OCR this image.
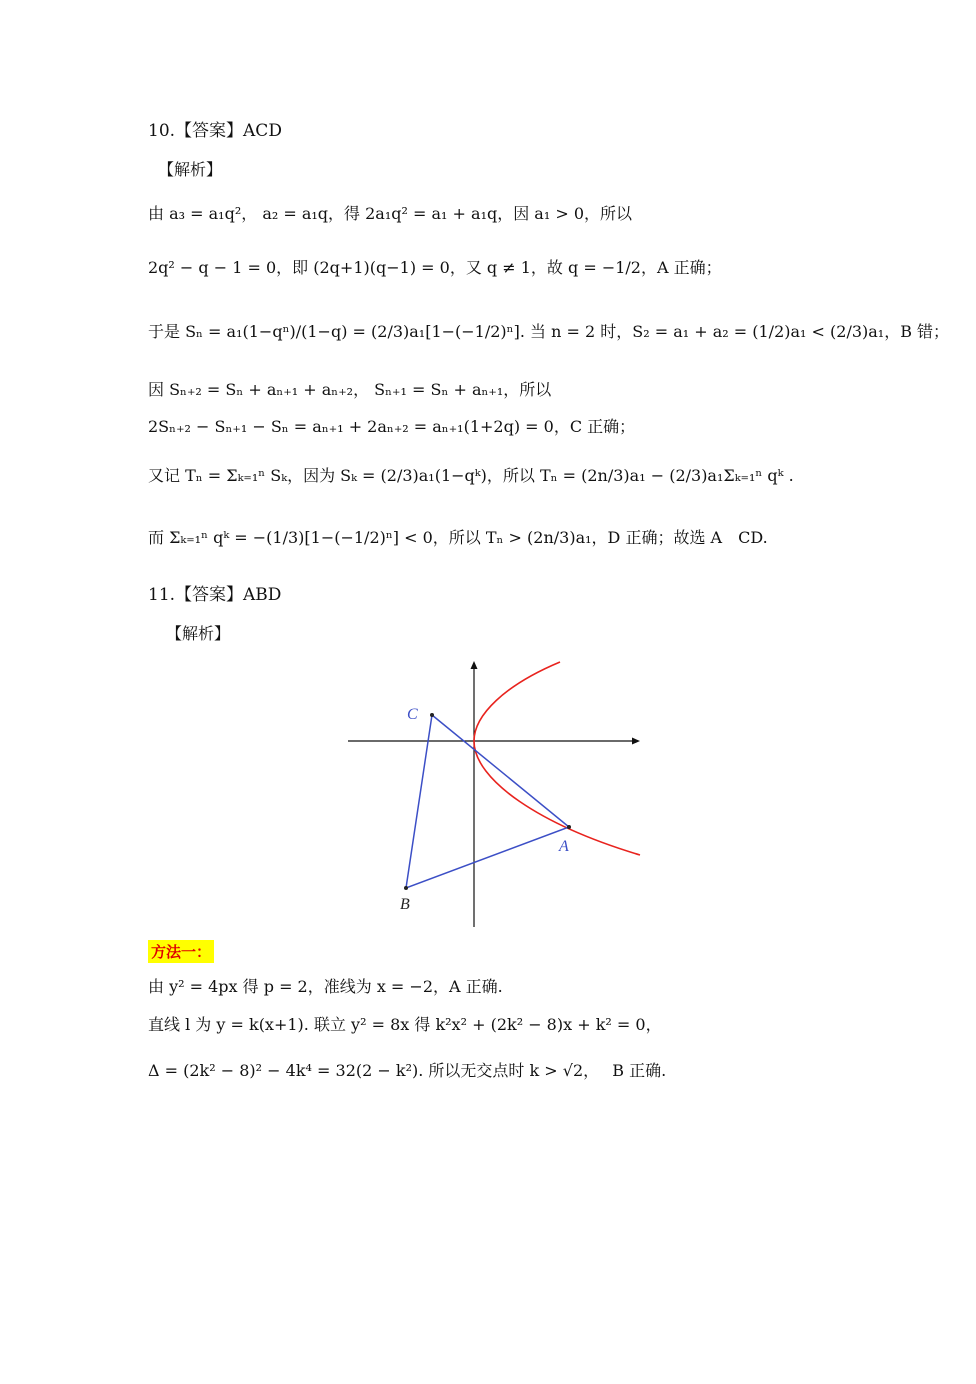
10.【答案】ACD
【解析】
由 a₃ = a₁q²， a₂ = a₁q，得 2a₁q² = a₁ + a₁q，因 a₁ > 0，所以
2q² − q − 1 = 0，即 (2q+1)(q−1) = 0，又 q ≠ 1，故 q = −1/2，A 正确；
于是 Sₙ = a₁(1−qⁿ)/(1−q) = (2/3)a₁[1−(−1/2)ⁿ]. 当 n = 2 时，S₂ = a₁ + a₂ = (1/2)a₁ < (2/3)a₁，B 错；
因 Sₙ₊₂ = Sₙ + aₙ₊₁ + aₙ₊₂， Sₙ₊₁ = Sₙ + aₙ₊₁，所以
2Sₙ₊₂ − Sₙ₊₁ − Sₙ = aₙ₊₁ + 2aₙ₊₂ = aₙ₊₁(1+2q) = 0，C 正确；
又记 Tₙ = Σₖ₌₁ⁿ Sₖ，因为 Sₖ = (2/3)a₁(1−qᵏ)，所以 Tₙ = (2n/3)a₁ − (2/3)a₁Σₖ₌₁ⁿ qᵏ .
而 Σₖ₌₁ⁿ qᵏ = −(1/3)[1−(−1/2)ⁿ] < 0，所以 Tₙ > (2n/3)a₁，D 正确；故选 A　CD.
11.【答案】ABD
【解析】
C
A
B
方法一：
由 y² = 4px 得 p = 2，准线为 x = −2，A 正确.
直线 l 为 y = k(x+1). 联立 y² = 8x 得 k²x² + (2k² − 8)x + k² = 0，
Δ = (2k² − 8)² − 4k⁴ = 32(2 − k²). 所以无交点时 k > √2，　 B 正确.
